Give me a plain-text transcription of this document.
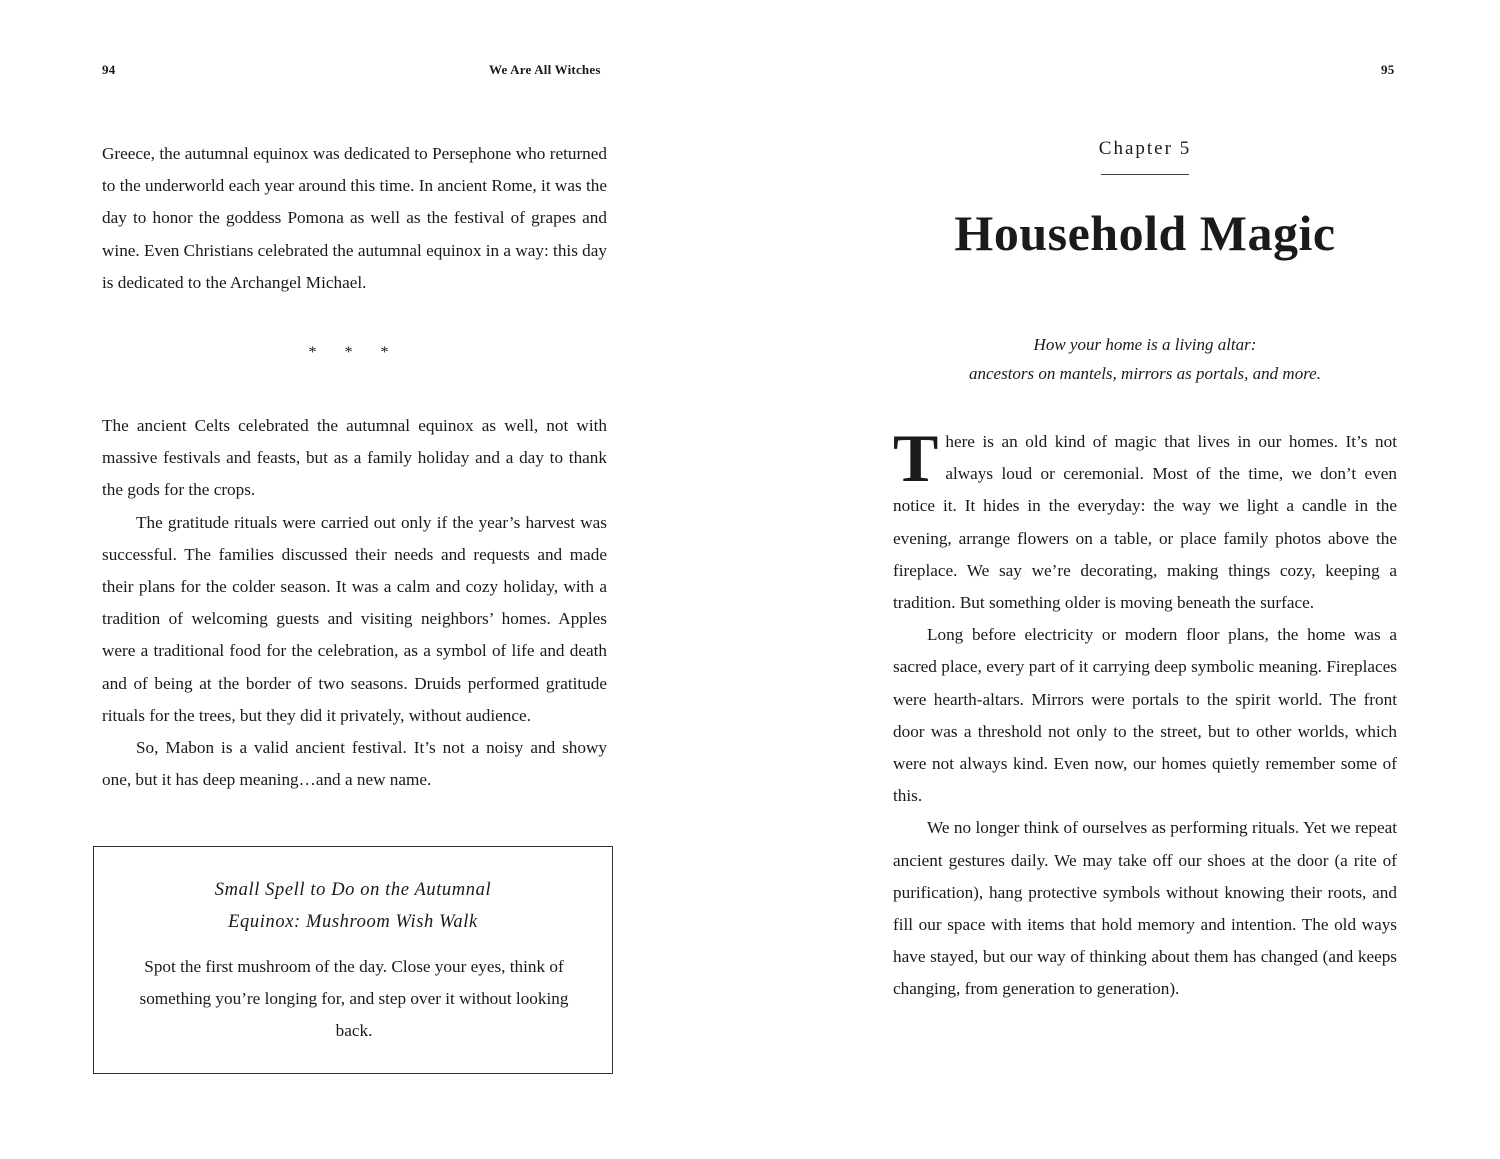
94	We Are All Witches

Greece, the autumnal equinox was dedicated to Persephone who returned to the underworld each year around this time. In ancient Rome, it was the day to honor the goddess Pomona as well as the festival of grapes and wine. Even Christians celebrated the autumnal equinox in a way: this day is dedicated to the Archangel Michael.

* * *

The ancient Celts celebrated the autumnal equinox as well, not with massive festivals and feasts, but as a family holiday and a day to thank the gods for the crops.

The gratitude rituals were carried out only if the year’s harvest was successful. The families discussed their needs and requests and made their plans for the colder season. It was a calm and cozy holiday, with a tradition of welcoming guests and visiting neighbors’ homes. Apples were a traditional food for the celebration, as a symbol of life and death and of being at the border of two seasons. Druids performed gratitude rituals for the trees, but they did it privately, without audience.

So, Mabon is a valid ancient festival. It’s not a noisy and showy one, but it has deep meaning…and a new name.

Small Spell to Do on the Autumnal
Equinox: Mushroom Wish Walk
Spot the first mushroom of the day. Close your eyes, think of something you’re longing for, and step over it without looking back.
95
Chapter 5
Household Magic
How your home is a living altar:
ancestors on mantels, mirrors as portals, and more.

There is an old kind of magic that lives in our homes. It’s not always loud or ceremonial. Most of the time, we don’t even notice it. It hides in the everyday: the way we light a candle in the evening, arrange flowers on a table, or place family photos above the fireplace. We say we’re decorating, making things cozy, keeping a tradition. But something older is moving beneath the surface.

Long before electricity or modern floor plans, the home was a sacred place, every part of it carrying deep symbolic meaning. Fireplaces were hearth-altars. Mirrors were portals to the spirit world. The front door was a threshold not only to the street, but to other worlds, which were not always kind. Even now, our homes quietly remember some of this.

We no longer think of ourselves as performing rituals. Yet we repeat ancient gestures daily. We may take off our shoes at the door (a rite of purification), hang protective symbols without knowing their roots, and fill our space with items that hold memory and intention. The old ways have stayed, but our way of thinking about them has changed (and keeps changing, from generation to generation).
